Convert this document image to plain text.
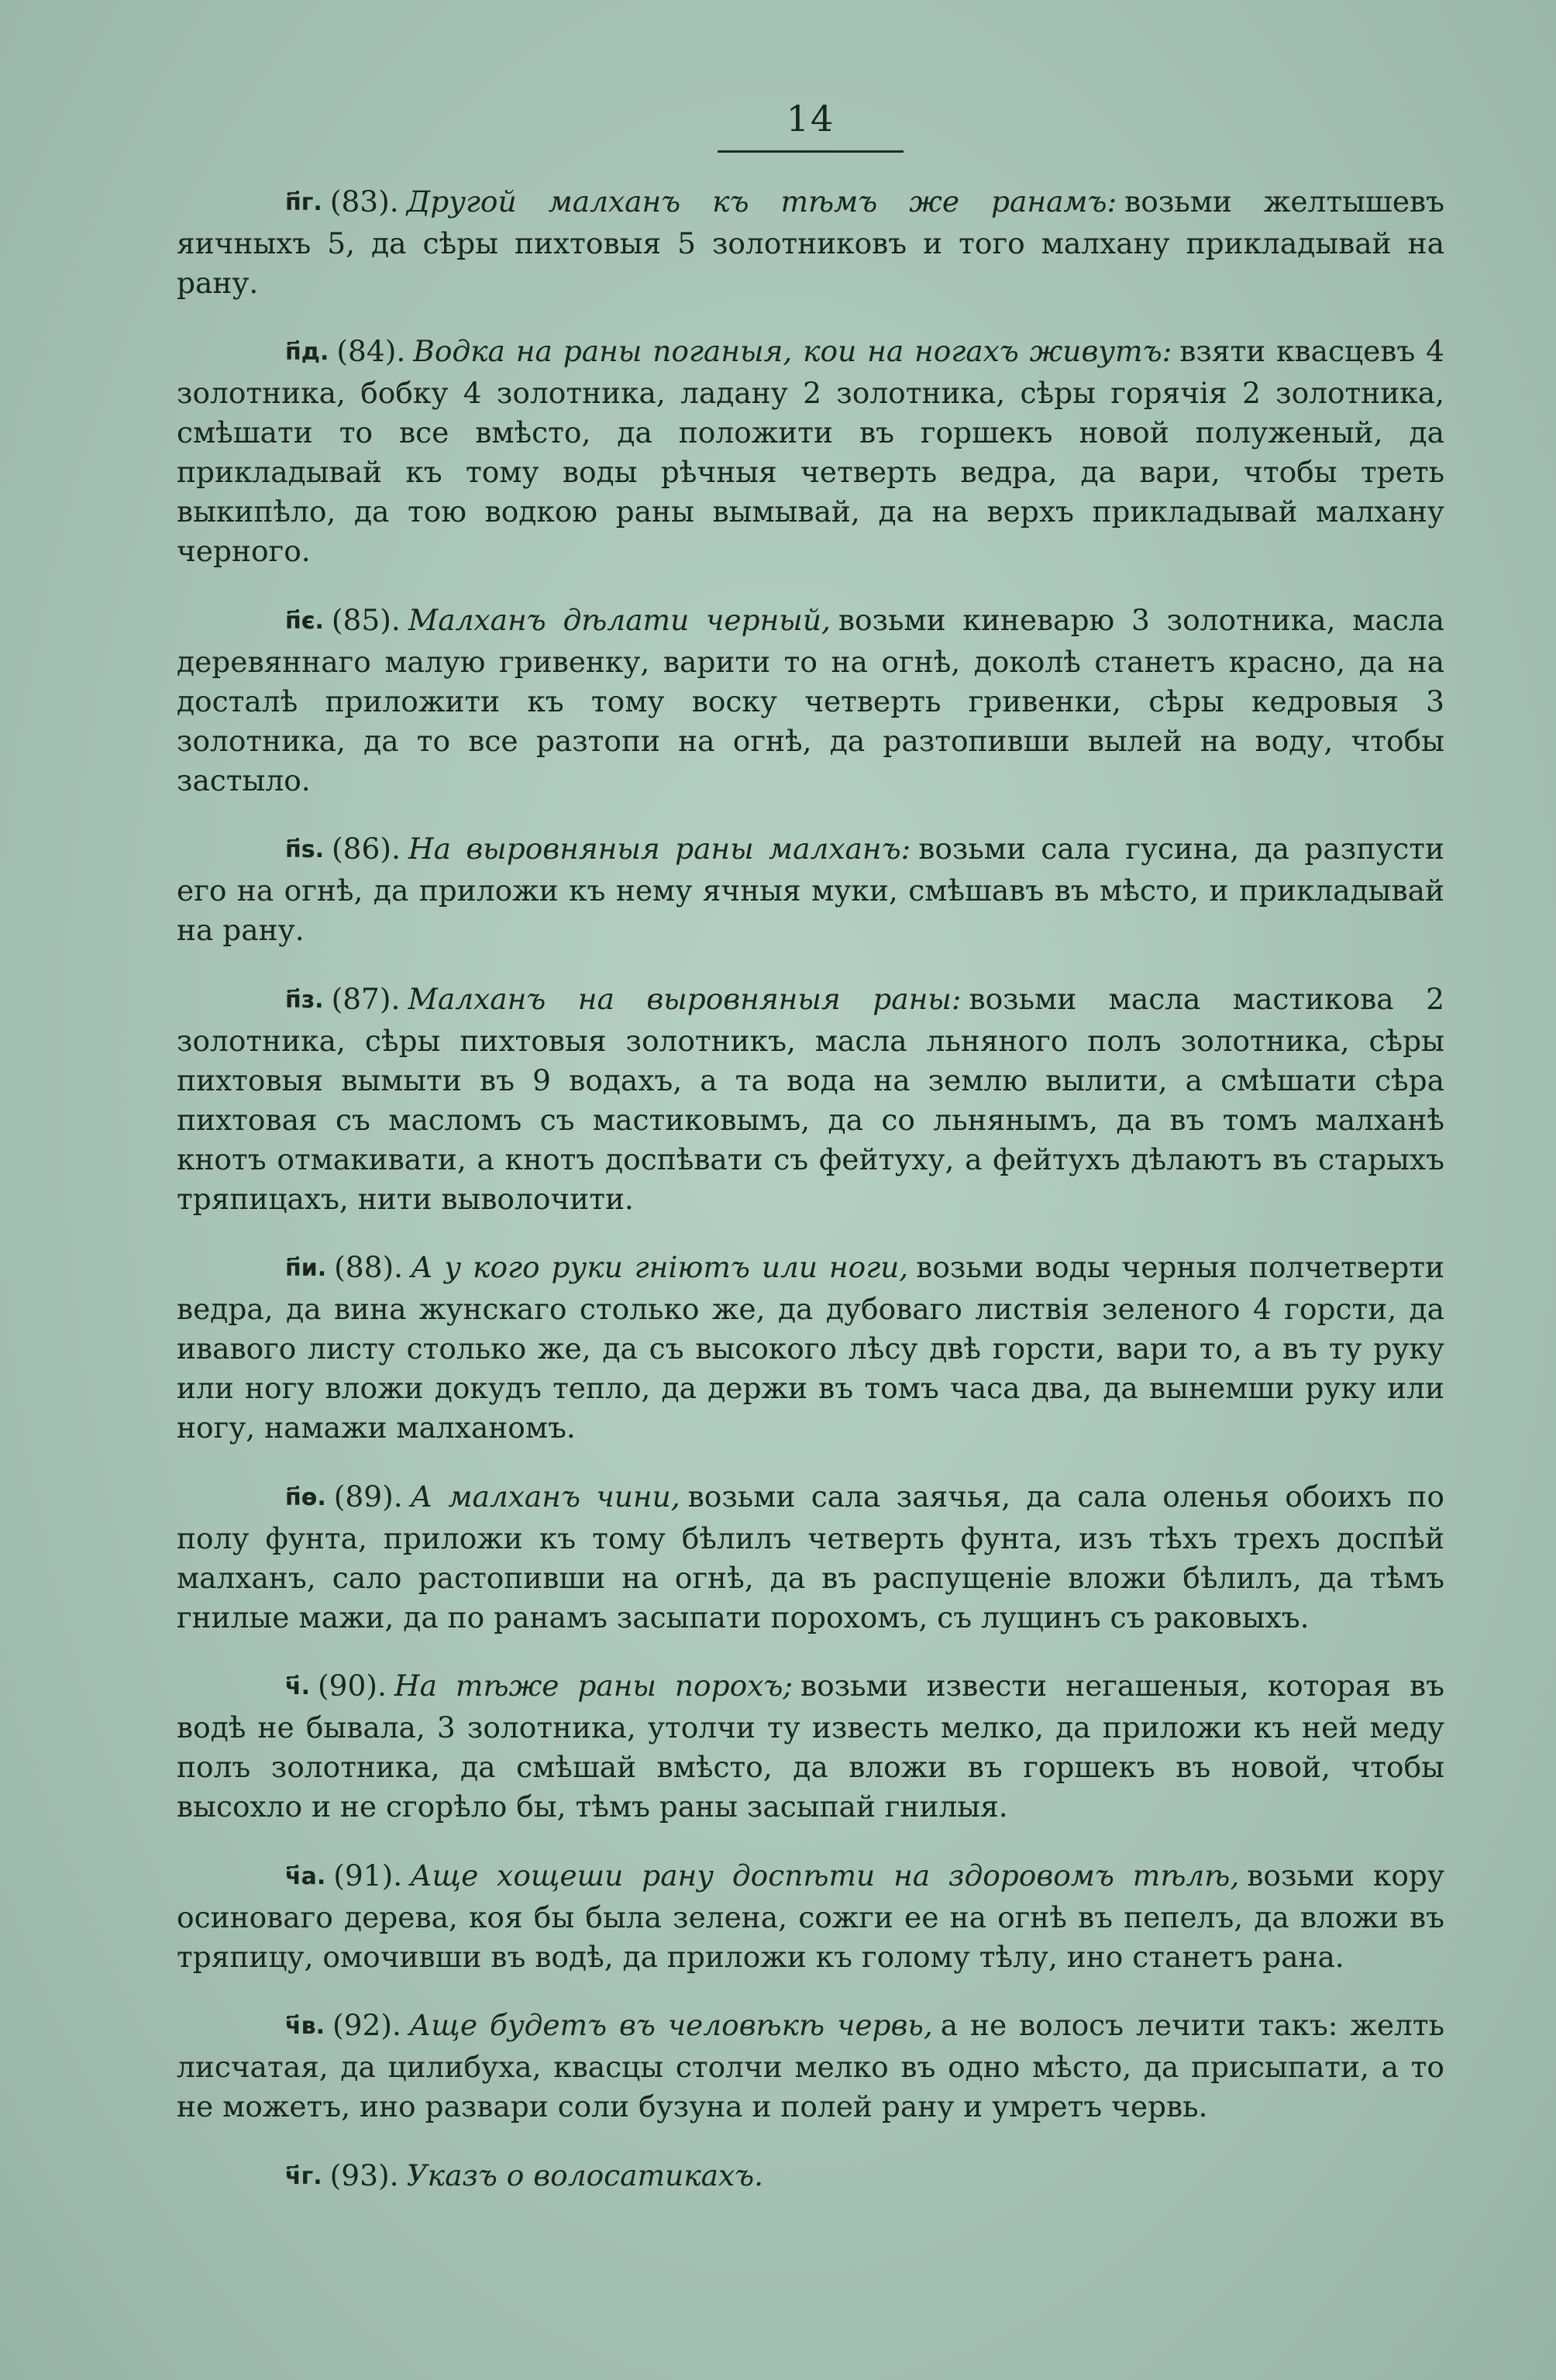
14

п҃г. (83). Другой малханъ къ тѣмъ же ранамъ: возьми желтышевъ яичныхъ 5, да сѣры пихтовыя 5 золотниковъ и того малхану прикладывай на рану.

п҃д. (84). Водка на раны поганыя, кои на ногахъ живутъ: взяти квасцевъ 4 золотника, бобку 4 золотника, ладану 2 золотника, сѣры горячія 2 золотника, смѣшати то все вмѣсто, да положити въ горшекъ новой полуженый, да прикладывай къ тому воды рѣчныя четверть ведра, да вари, чтобы треть выкипѣло, да тою водкою раны вымывай, да на верхъ прикладывай малхану черного.

п҃є. (85). Малханъ дѣлати черный, возьми киневарю 3 золотника, масла деревяннаго малую гривенку, варити то на огнѣ, доколѣ станетъ красно, да на досталѣ приложити къ тому воску четверть гривенки, сѣры кедровыя 3 золотника, да то все разтопи на огнѣ, да разтопивши вылей на воду, чтобы застыло.

п҃ѕ. (86). На выровняныя раны малханъ: возьми сала гусина, да разпусти его на огнѣ, да приложи къ нему ячныя муки, смѣшавъ въ мѣсто, и прикладывай на рану.

п҃з. (87). Малханъ на выровняныя раны: возьми масла мастикова 2 золотника, сѣры пихтовыя золотникъ, масла льняного полъ золотника, сѣры пихтовыя вымыти въ 9 водахъ, а та вода на землю вылити, а смѣшати сѣра пихтовая съ масломъ съ мастиковымъ, да со льнянымъ, да въ томъ малханѣ кнотъ отмакивати, а кнотъ доспѣвати съ фейтуху, а фейтухъ дѣлаютъ въ старыхъ тряпицахъ, нити выволочити.

п҃и. (88). А у кого руки гніютъ или ноги, возьми воды черныя полчетверти ведра, да вина жунскаго столько же, да дубоваго листвія зеленого 4 горсти, да ивавого листу столько же, да съ высокого лѣсу двѣ горсти, вари то, а въ ту руку или ногу вложи докудъ тепло, да держи въ томъ часа два, да вынемши руку или ногу, намажи малханомъ.

п҃ѳ. (89). А малханъ чини, возьми сала заячья, да сала оленья обоихъ по полу фунта, приложи къ тому бѣлилъ четверть фунта, изъ тѣхъ трехъ доспѣй малханъ, сало растопивши на огнѣ, да въ распущеніе вложи бѣлилъ, да тѣмъ гнилые мажи, да по ранамъ засыпати порохомъ, съ лущинъ съ раковыхъ.

ч҃. (90). На тѣже раны порохъ; возьми извести негашеныя, которая въ водѣ не бывала, 3 золотника, утолчи ту известь мелко, да приложи къ ней меду полъ золотника, да смѣшай вмѣсто, да вложи въ горшекъ въ новой, чтобы высохло и не сгорѣло бы, тѣмъ раны засыпай гнилыя.

ч҃а. (91). Аще хощеши рану доспѣти на здоровомъ тѣлѣ, возьми кору осиноваго дерева, коя бы была зелена, сожги ее на огнѣ въ пепелъ, да вложи въ тряпицу, омочивши въ водѣ, да приложи къ голому тѣлу, ино станетъ рана.

ч҃в. (92). Аще будетъ въ человѣкѣ червь, а не волосъ лечити такъ: желть лисчатая, да цилибуха, квасцы столчи мелко въ одно мѣсто, да присыпати, а то не можетъ, ино развари соли бузуна и полей рану и умретъ червь.

ч҃г. (93). Указъ о волосатикахъ.
